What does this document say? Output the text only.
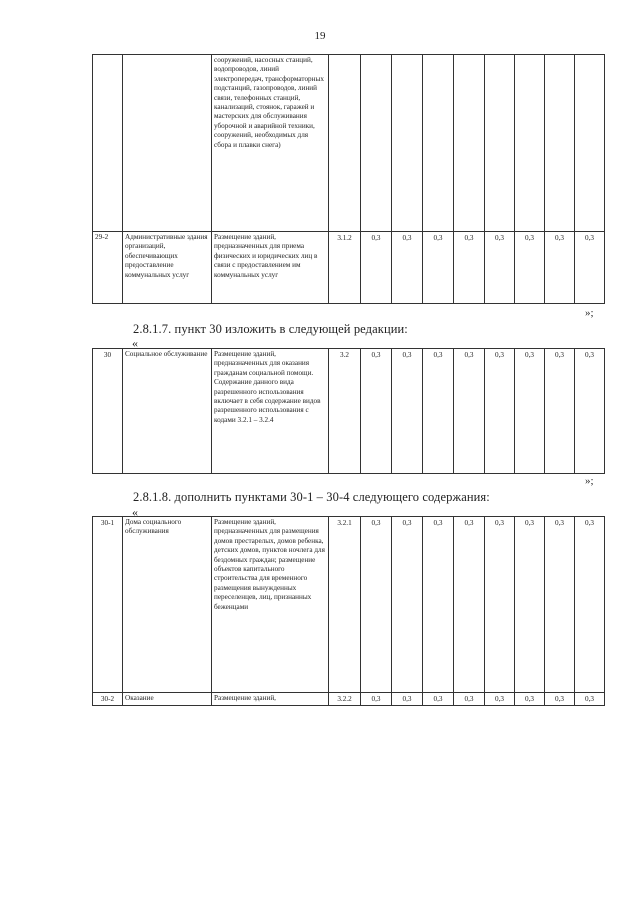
19
		сооружений, насосных станций, водопроводов, линий электропередач, трансформаторных подстанций, газопроводов, линий связи, телефонных станций, канализаций, стоянок, гаражей и мастерских для обслуживания уборочной и аварийной техники, сооружений, необходимых для сбора и плавки снега)									
29-2	Административные здания организаций, обеспечивающих предоставление коммунальных услуг	Размещение зданий, предназначенных для приема физических и юридических лиц в связи с предоставлением им коммунальных услуг	3.1.2	0,3	0,3	0,3	0,3	0,3	0,3	0,3	0,3
»;
2.8.1.7. пункт 30 изложить в следующей редакции:
«
30	Социальное обслуживание	Размещение зданий, предназначенных для оказания гражданам социальной помощи. Содержание данного вида разрешенного использования включает в себя содержание видов разрешенного использования с кодами 3.2.1 – 3.2.4	3.2	0,3	0,3	0,3	0,3	0,3	0,3	0,3	0,3
»;
2.8.1.8. дополнить пунктами 30-1 – 30-4 следующего содержания:
«
30-1	Дома социального обслуживания	Размещение зданий, предназначенных для размещения домов престарелых, домов ребенка, детских домов, пунктов ночлега для бездомных граждан; размещение объектов капитального строительства для временного размещения вынужденных переселенцев, лиц, признанных беженцами	3.2.1	0,3	0,3	0,3	0,3	0,3	0,3	0,3	0,3
30-2	Оказание	Размещение зданий,	3.2.2	0,3	0,3	0,3	0,3	0,3	0,3	0,3	0,3
